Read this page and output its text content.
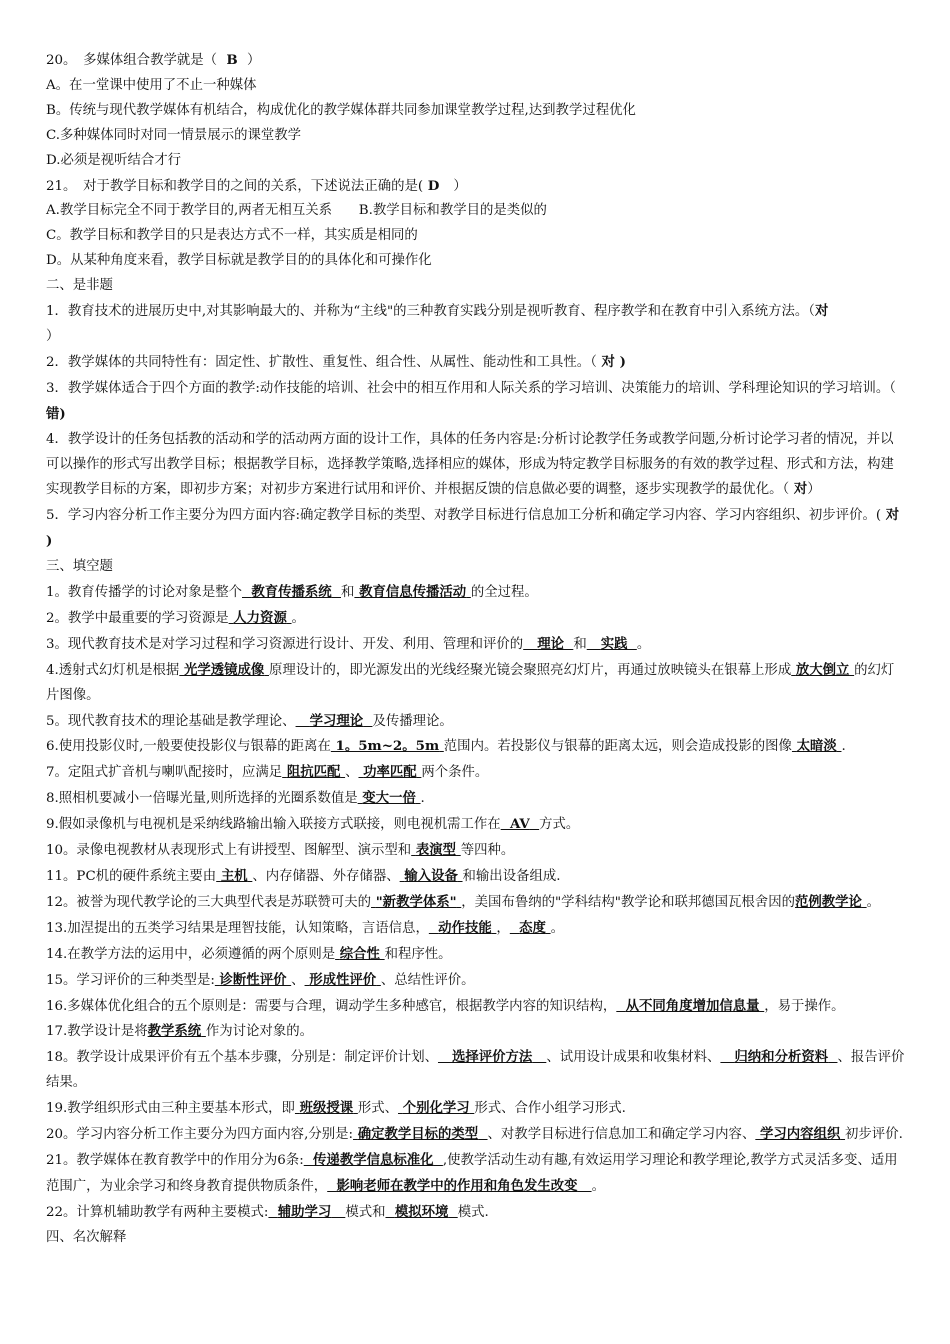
20。　多媒体组合教学就是（ B ）
A。在一堂课中使用了不止一种媒体
B。传统与现代教学媒体有机结合，构成优化的教学媒体群共同参加课堂教学过程,达到教学过程优化
C.多种媒体同时对同一情景展示的课堂教学
D.必须是视听结合才行
21。　对于教学目标和教学目的之间的关系，下述说法正确的是( D ）
A.教学目标完全不同于教学目的,两者无相互关系　　B.教学目标和教学目的是类似的
C。教学目标和教学目的只是表达方式不一样，其实质是相同的
D。从某种角度来看，教学目标就是教学目的的具体化和可操作化
二、是非题
1．教育技术的进展历史中,对其影响最大的、并称为“主线"的三种教育实践分别是视听教育、程序教学和在教育中引入系统方法。（对
）
2．教学媒体的共同特性有：固定性、扩散性、重复性、组合性、从属性、能动性和工具性。（ 对 )
3．教学媒体适合于四个方面的教学:动作技能的培训、社会中的相互作用和人际关系的学习培训、决策能力的培训、学科理论知识的学习培训。（ 错)
4．教学设计的任务包括教的活动和学的活动两方面的设计工作，具体的任务内容是:分析讨论教学任务或教学问题,分析讨论学习者的情况，并以可以操作的形式写出教学目标；根据教学目标，选择教学策略,选择相应的媒体，形成为特定教学目标服务的有效的教学过程、形式和方法，构建实现教学目标的方案，即初步方案；对初步方案进行试用和评价、并根据反馈的信息做必要的调整，逐步实现教学的最优化。（ 对）
5．学习内容分析工作主要分为四方面内容:确定教学目标的类型、对教学目标进行信息加工分析和确定学习内容、学习内容组织、初步评价。( 对 )
三、填空题
1。教育传播学的讨论对象是整个 教育传播系统 和 教育信息传播活动 的全过程。
2。教学中最重要的学习资源是 人力资源 。
3。现代教育技术是对学习过程和学习资源进行设计、开发、利用、管理和评价的 理论 和 实践 。
4.透射式幻灯机是根据 光学透镜成像 原理设计的，即光源发出的光线经聚光镜会聚照亮幻灯片，再通过放映镜头在银幕上形成 放大倒立 的幻灯片图像。
5。现代教育技术的理论基础是教学理论、 学习理论 及传播理论。
6.使用投影仪时,一般要使投影仪与银幕的距离在 1。5m~2。5m 范围内。若投影仪与银幕的距离太远，则会造成投影的图像 太暗淡 .
7。定阻式扩音机与喇叭配接时，应满足 阻抗匹配 、 功率匹配 两个条件。
8.照相机要减小一倍曝光量,则所选择的光圈系数值是 变大一倍 .
9.假如录像机与电视机是采纳线路输出输入联接方式联接，则电视机需工作在 AV 方式。
10。录像电视教材从表现形式上有讲授型、图解型、演示型和 表演型 等四种。
11。PC机的硬件系统主要由 主机 、内存储器、外存储器、 输入设备 和输出设备组成.
12。被誉为现代教学论的三大典型代表是苏联赞可夫的 "新教学体系" ，美国布鲁纳的"学科结构"教学论和联邦德国瓦根舍因的范例教学论 。
13.加涅提出的五类学习结果是理智技能，认知策略，言语信息， 动作技能 ， 态度 。
14.在教学方法的运用中，必须遵循的两个原则是 综合性 和程序性。
15。学习评价的三种类型是: 诊断性评价 、 形成性评价 、总结性评价。
16.多媒体优化组合的五个原则是：需要与合理，调动学生多种感官，根据教学内容的知识结构， 从不同角度增加信息量 ，易于操作。
17.教学设计是将教学系统 作为讨论对象的。
18。教学设计成果评价有五个基本步骤，分别是：制定评价计划、 选择评价方法 、试用设计成果和收集材料、 归纳和分析资料 、报告评价结果。
19.教学组织形式由三种主要基本形式，即 班级授课 形式、 个别化学习 形式、合作小组学习形式.
20。学习内容分析工作主要分为四方面内容,分别是: 确定教学目标的类型 、对教学目标进行信息加工和确定学习内容、 学习内容组织 初步评价.
21。教学媒体在教育教学中的作用分为6条: 传递教学信息标准化 ,使教学活动生动有趣,有效运用学习理论和教学理论,教学方式灵活多变、适用范围广，为业余学习和终身教育提供物质条件， 影响老师在教学中的作用和角色发生改变 。
22。计算机辅助教学有两种主要模式: 辅助学习 模式和 模拟环境 模式.
四、名次解释
